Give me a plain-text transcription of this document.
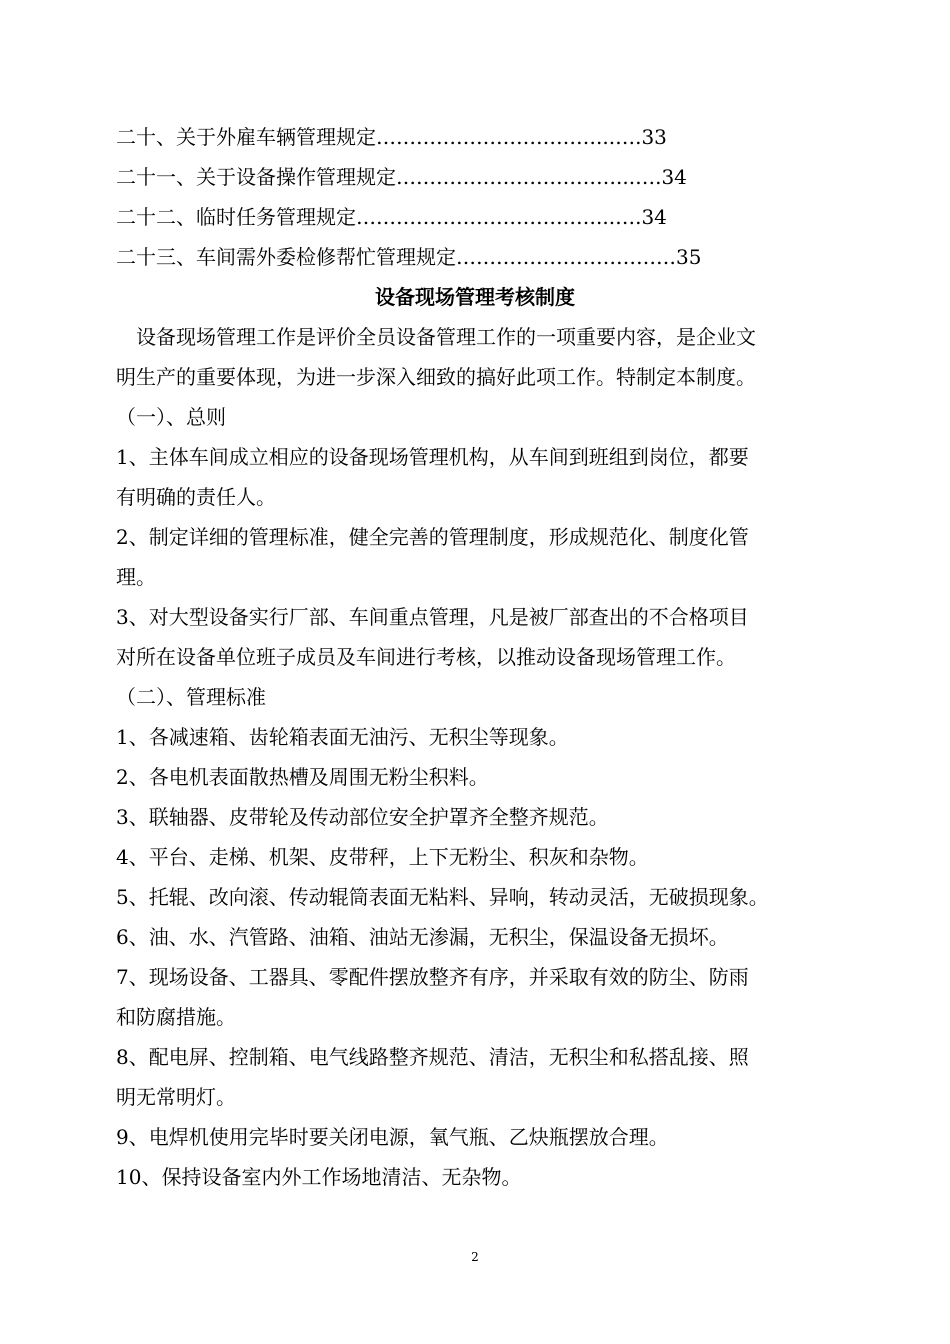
二十、关于外雇车辆管理规定……………………………...….33
二十一、关于设备操作管理规定……………………………...….34
二十二、临时任务管理规定………………………………...….34
二十三、车间需外委检修帮忙管理规定……………………………35
设备现场管理考核制度
设备现场管理工作是评价全员设备管理工作的一项重要内容，是企业文
明生产的重要体现，为进一步深入细致的搞好此项工作。特制定本制度。
（一）、总则
1、主体车间成立相应的设备现场管理机构，从车间到班组到岗位，都要
有明确的责任人。
2、制定详细的管理标准，健全完善的管理制度，形成规范化、制度化管
理。
3、对大型设备实行厂部、车间重点管理，凡是被厂部查出的不合格项目
对所在设备单位班子成员及车间进行考核，以推动设备现场管理工作。
（二）、管理标准
1、各减速箱、齿轮箱表面无油污、无积尘等现象。
2、各电机表面散热槽及周围无粉尘积料。
3、联轴器、皮带轮及传动部位安全护罩齐全整齐规范。
4、平台、走梯、机架、皮带秤，上下无粉尘、积灰和杂物。
5、托辊、改向滚、传动辊筒表面无粘料、异响，转动灵活，无破损现象。
6、油、水、汽管路、油箱、油站无渗漏，无积尘，保温设备无损坏。
7、现场设备、工器具、零配件摆放整齐有序，并采取有效的防尘、防雨
和防腐措施。
8、配电屏、控制箱、电气线路整齐规范、清洁，无积尘和私搭乱接、照
明无常明灯。
9、电焊机使用完毕时要关闭电源，氧气瓶、乙炔瓶摆放合理。
10、保持设备室内外工作场地清洁、无杂物。
2
